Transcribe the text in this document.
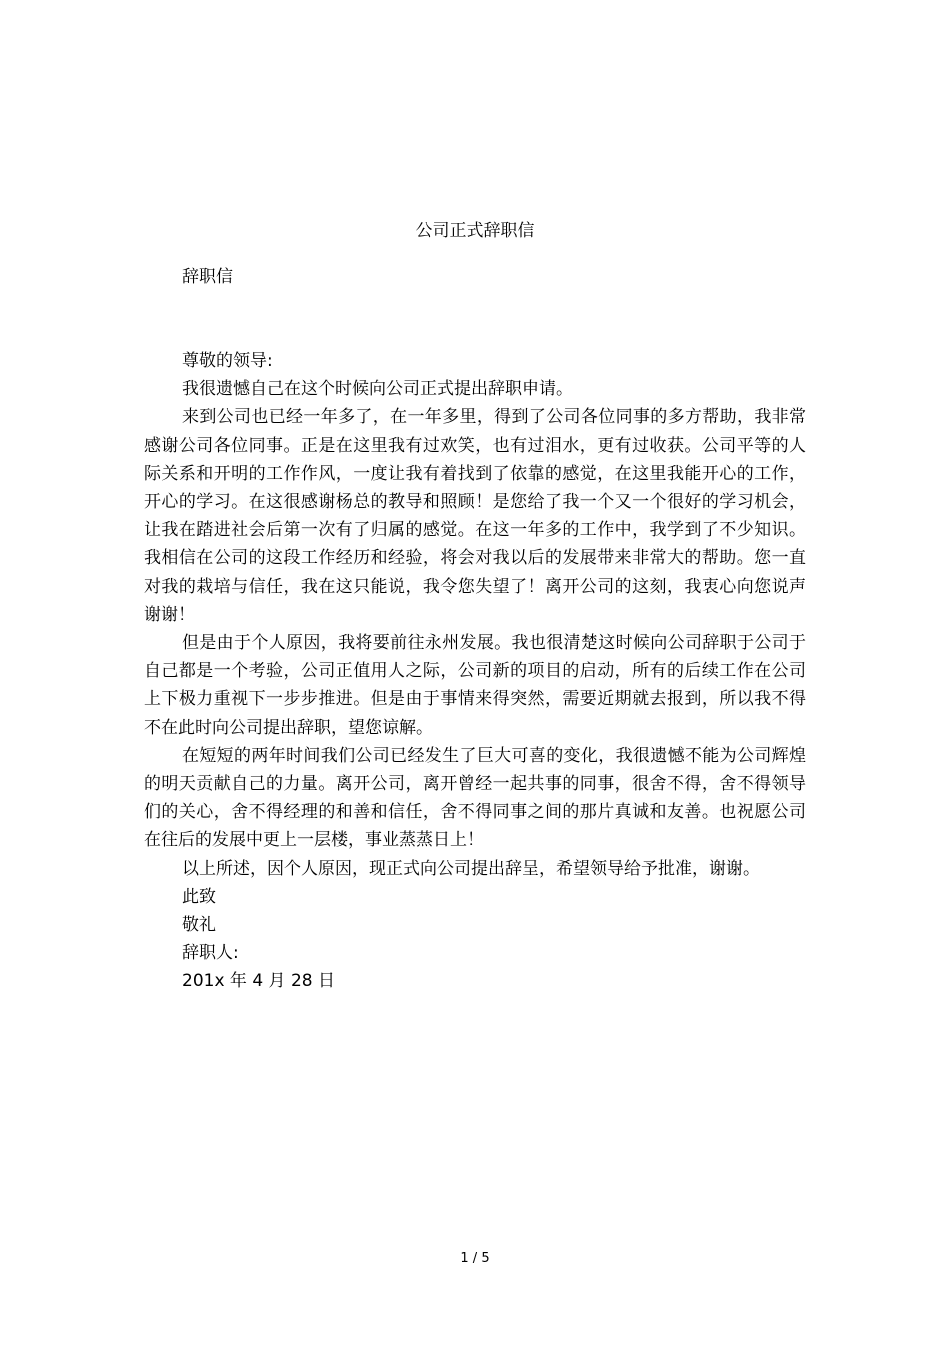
公司正式辞职信
辞职信
尊敬的领导:

我很遗憾自己在这个时候向公司正式提出辞职申请。

来到公司也已经一年多了，在一年多里，得到了公司各位同事的多方帮助，我非常感谢公司各位同事。正是在这里我有过欢笑，也有过泪水，更有过收获。公司平等的人际关系和开明的工作作风，一度让我有着找到了依靠的感觉，在这里我能开心的工作，开心的学习。在这很感谢杨总的教导和照顾！是您给了我一个又一个很好的学习机会，让我在踏进社会后第一次有了归属的感觉。在这一年多的工作中，我学到了不少知识。我相信在公司的这段工作经历和经验，将会对我以后的发展带来非常大的帮助。您一直对我的栽培与信任，我在这只能说，我令您失望了！离开公司的这刻，我衷心向您说声谢谢！

但是由于个人原因，我将要前往永州发展。我也很清楚这时候向公司辞职于公司于自己都是一个考验，公司正值用人之际，公司新的项目的启动，所有的后续工作在公司上下极力重视下一步步推进。但是由于事情来得突然，需要近期就去报到，所以我不得不在此时向公司提出辞职，望您谅解。

在短短的两年时间我们公司已经发生了巨大可喜的变化，我很遗憾不能为公司辉煌的明天贡献自己的力量。离开公司，离开曾经一起共事的同事，很舍不得，舍不得领导们的关心，舍不得经理的和善和信任，舍不得同事之间的那片真诚和友善。也祝愿公司在往后的发展中更上一层楼，事业蒸蒸日上！

以上所述，因个人原因，现正式向公司提出辞呈，希望领导给予批准，谢谢。

此致
敬礼
辞职人:
201x 年 4 月 28 日
1 / 5
